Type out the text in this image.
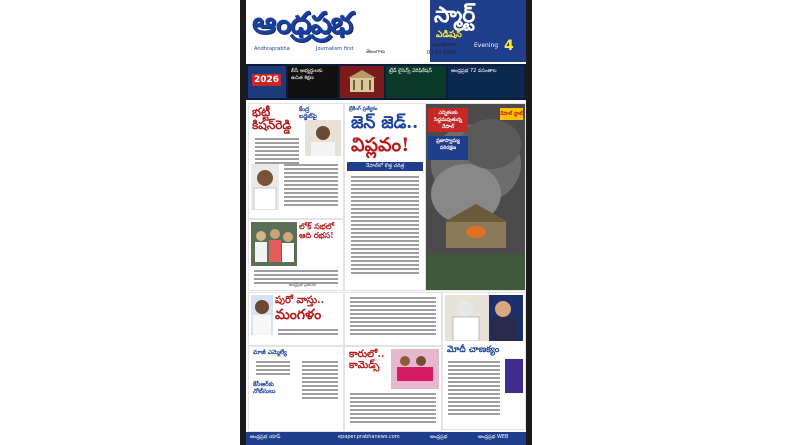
ఆంధ్రప్రభ
Andhraprabha	Journalism first తెలంగాణ
స్మార్ట్
ఎడిషన్
Evening 4
మంగళవారం
03-02-2026
2026
బీసీ అభ్యర్థులకు ఉచిత శిక్షణ
ట్రేడ్ లైసెన్స్ వెరిఫికేషన్	ఆంధ్రప్రభ 72 వసంతాల
భట్టీ కిషన్‌రెడ్డి
కేంద్ర బడ్జెట్‌పై
లోక్ సభలో ఆది రభస!
అంధ్రప్రభ ప్రతినిధి
బ్రేకింగ్‌ ప్రత్యేకం
జెన్ జెడ్..
విప్లవం!
నేపాల్‌లో కొత్త చరిత్ర
ఎన్నికలకు సిద్ధమవుతున్న నేపాల్
ప్రజాస్వామ్య పరిరక్షణ
నేపాల్ ప్లాట్
పురో వాస్తు..
మంగళం
మోదీ చాణక్యం
మాజీ ఎమ్మెల్యే
కేసీఆర్‌కు నోటీసులు
కారులో.. కామెడ్స్
ఆంధ్రప్రభ యాప్	epaper.prabhanews.com	ఆంధ్రప్రభ	ఆంధ్రప్రభ WEB
